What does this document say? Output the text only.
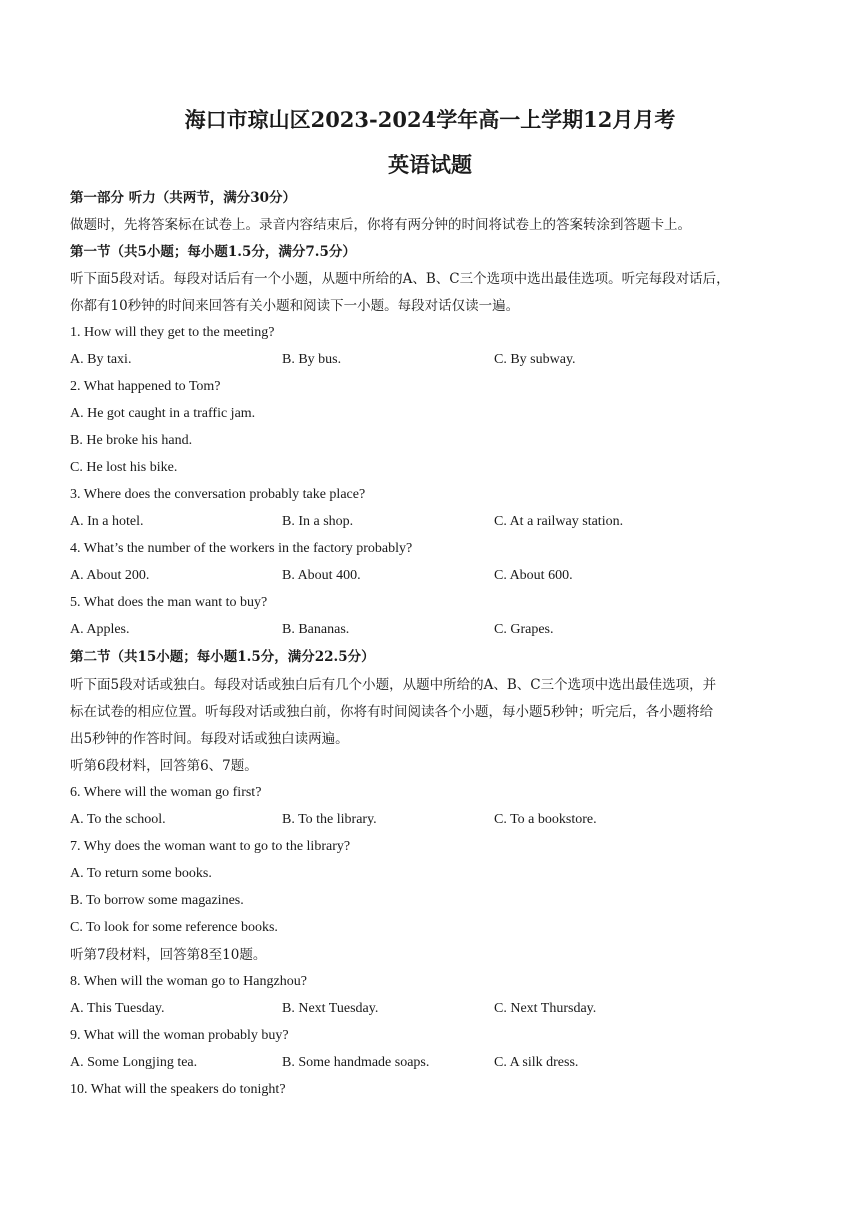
海口市琼山区2023-2024学年高一上学期12月月考
英语试题
第一部分 听力（共两节，满分30分）
做题时，先将答案标在试卷上。录音内容结束后，你将有两分钟的时间将试卷上的答案转涂到答题卡上。
第一节（共5小题；每小题1.5分，满分7.5分）
听下面5段对话。每段对话后有一个小题，从题中所给的A、B、C三个选项中选出最佳选项。听完每段对话后，
你都有10秒钟的时间来回答有关小题和阅读下一小题。每段对话仅读一遍。
1. How will they get to the meeting?
A. By taxi.	B. By bus.	C. By subway.
2. What happened to Tom?
A. He got caught in a traffic jam.
B. He broke his hand.
C. He lost his bike.
3. Where does the conversation probably take place?
A. In a hotel.	B. In a shop.	C. At a railway station.
4. What’s the number of the workers in the factory probably?
A. About 200.	B. About 400.	C. About 600.
5. What does the man want to buy?
A. Apples.	B. Bananas.	C. Grapes.
第二节（共15小题；每小题1.5分，满分22.5分）
听下面5段对话或独白。每段对话或独白后有几个小题，从题中所给的A、B、C三个选项中选出最佳选项，并
标在试卷的相应位置。听每段对话或独白前，你将有时间阅读各个小题，每小题5秒钟；听完后，各小题将给
出5秒钟的作答时间。每段对话或独白读两遍。
听第6段材料，回答第6、7题。
6. Where will the woman go first?
A. To the school.	B. To the library.	C. To a bookstore.
7. Why does the woman want to go to the library?
A. To return some books.
B. To borrow some magazines.
C. To look for some reference books.
听第7段材料，回答第8至10题。
8. When will the woman go to Hangzhou?
A. This Tuesday.	B. Next Tuesday.	C. Next Thursday.
9. What will the woman probably buy?
A. Some Longjing tea.	B. Some handmade soaps.	C. A silk dress.
10. What will the speakers do tonight?
